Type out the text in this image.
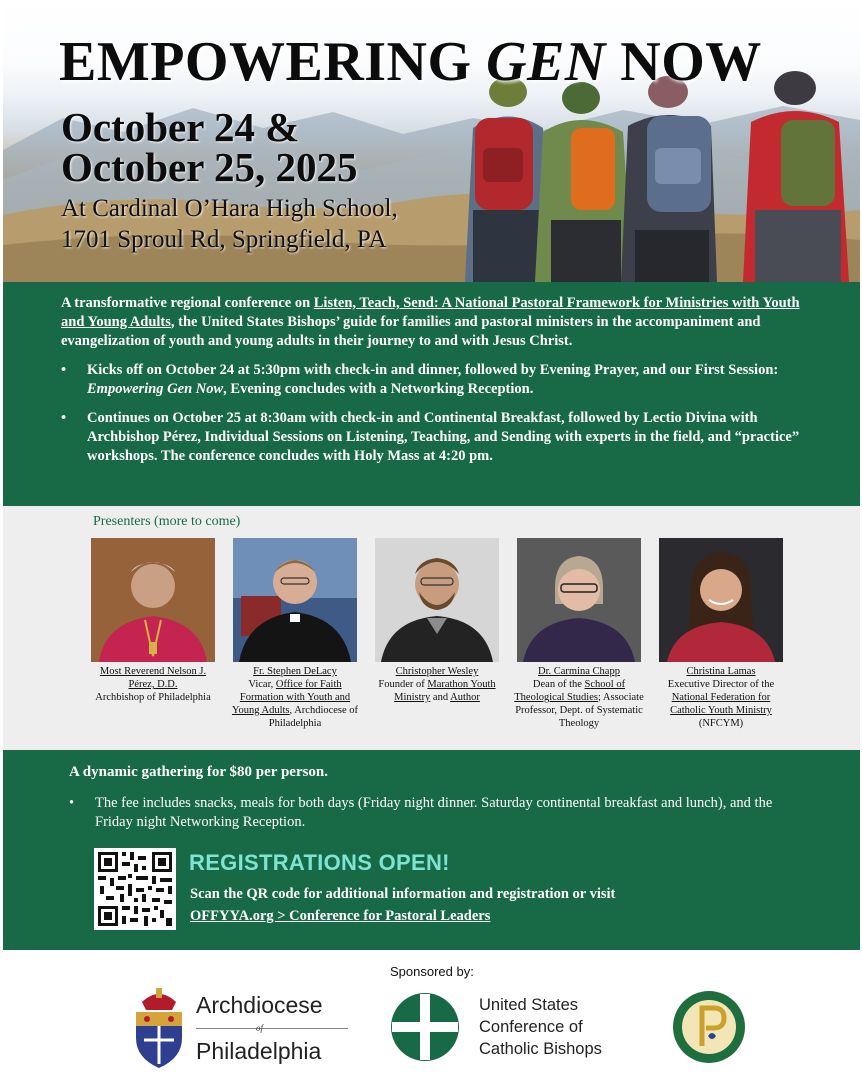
EMPOWERING GEN NOW
October 24 &
October 25, 2025
At Cardinal O’Hara High School,
1701 Sproul Rd, Springfield, PA

A transformative regional conference on Listen, Teach, Send: A National Pastoral Framework for Ministries with Youth and Young Adults, the United States Bishops’ guide for families and pastoral ministers in the accompaniment and evangelization of youth and young adults in their journey to and with Jesus Christ.

• Kicks off on October 24 at 5:30pm with check-in and dinner, followed by Evening Prayer, and our First Session: Empowering Gen Now, Evening concludes with a Networking Reception.
• Continues on October 25 at 8:30am with check-in and Continental Breakfast, followed by Lectio Divina with Archbishop Pérez, Individual Sessions on Listening, Teaching, and Sending with experts in the field, and “practice” workshops. The conference concludes with Holy Mass at 4:20 pm.
Presenters (more to come)
Most Reverend Nelson J. Pérez, D.D.
Archbishop of Philadelphia
Fr. Stephen DeLacy
Vicar, Office for Faith Formation with Youth and Young Adults, Archdiocese of Philadelphia
Christopher Wesley
Founder of Marathon Youth Ministry and Author
Dr. Carmina Chapp
Dean of the School of Theological Studies; Associate Professor, Dept. of Systematic Theology
Christina Lamas
Executive Director of the National Federation for Catholic Youth Ministry (NFCYM)
A dynamic gathering for $80 per person.
• The fee includes snacks, meals for both days (Friday night dinner. Saturday continental breakfast and lunch), and the Friday night Networking Reception.
REGISTRATIONS OPEN!
Scan the QR code for additional information and registration or visit
OFFYYA.org > Conference for Pastoral Leaders
Sponsored by:
Archdiocese
of
Philadelphia
United States
Conference of
Catholic Bishops
